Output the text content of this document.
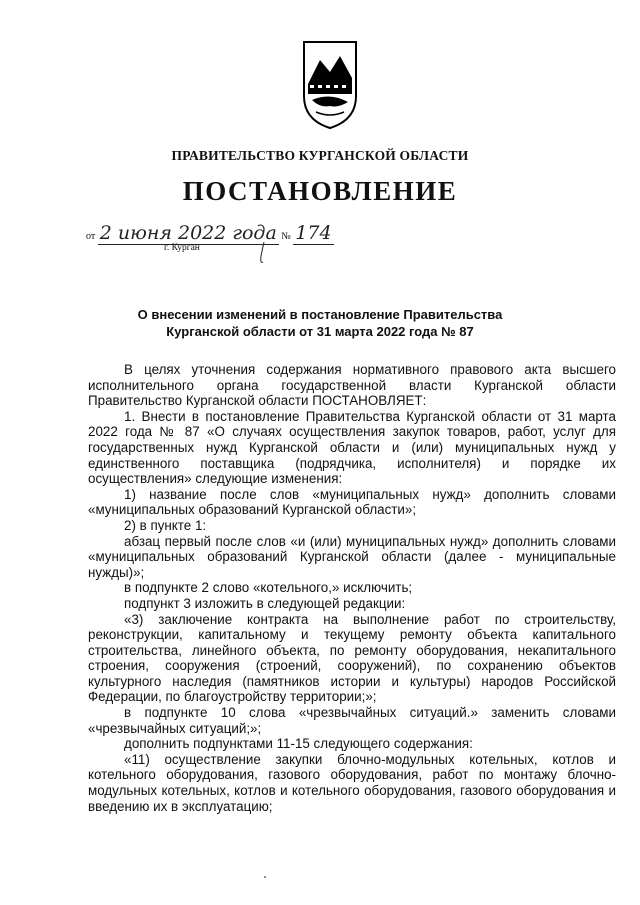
ПРАВИТЕЛЬСТВО КУРГАНСКОЙ ОБЛАСТИ
ПОСТАНОВЛЕНИЕ
от 2 июня 2022 года № 174
г. Курган
О внесении изменений в постановление Правительства
Курганской области от 31 марта 2022 года № 87

В целях уточнения содержания нормативного правового акта высшего исполнительного органа государственной власти Курганской области Правительство Курганской области ПОСТАНОВЛЯЕТ:

1. Внести в постановление Правительства Курганской области от 31 марта 2022 года № 87 «О случаях осуществления закупок товаров, работ, услуг для государственных нужд Курганской области и (или) муниципальных нужд у единственного поставщика (подрядчика, исполнителя) и порядке их осуществления» следующие изменения:

1) название после слов «муниципальных нужд» дополнить словами «муниципальных образований Курганской области»;

2) в пункте 1:

абзац первый после слов «и (или) муниципальных нужд» дополнить словами «муниципальных образований Курганской области (далее - муниципальные нужды)»;

в подпункте 2 слово «котельного,» исключить;

подпункт 3 изложить в следующей редакции:

«3) заключение контракта на выполнение работ по строительству, реконструкции, капитальному и текущему ремонту объекта капитального строительства, линейного объекта, по ремонту оборудования, некапитального строения, сооружения (строений, сооружений), по сохранению объектов культурного наследия (памятников истории и культуры) народов Российской Федерации, по благоустройству территории;»;

в подпункте 10 слова «чрезвычайных ситуаций.» заменить словами «чрезвычайных ситуаций;»;

дополнить подпунктами 11-15 следующего содержания:

«11) осуществление закупки блочно-модульных котельных, котлов и котельного оборудования, газового оборудования, работ по монтажу блочно-модульных котельных, котлов и котельного оборудования, газового оборудования и введению их в эксплуатацию;
